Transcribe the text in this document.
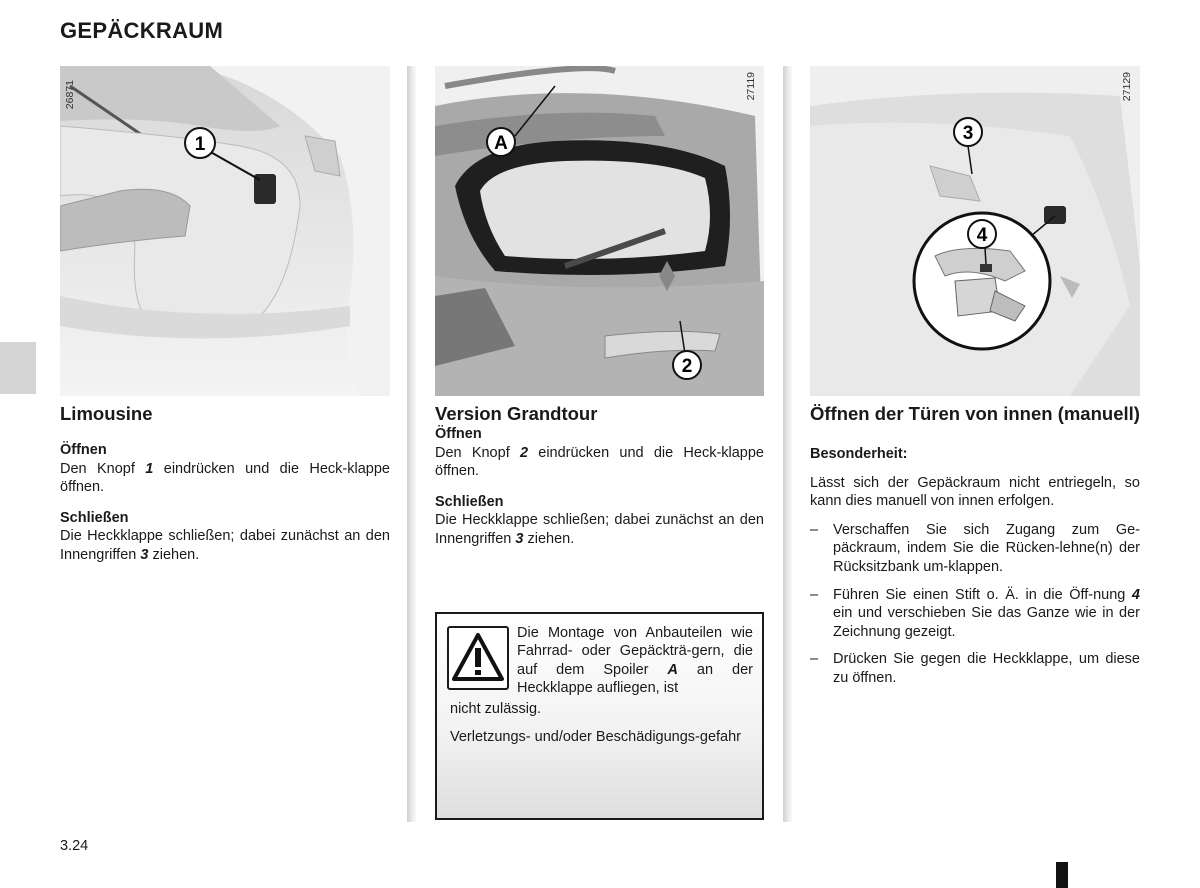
GEPÄCKRAUM
1
26871
A
2
27119
3
4
27129
Limousine
Öffnen
Den Knopf 1 eindrücken und die Heck-klappe öffnen.
Schließen
Die Heckklappe schließen; dabei zunächst an den Innengriffen 3 ziehen.
Version Grandtour
Öffnen
Den Knopf 2 eindrücken und die Heck-klappe öffnen.
Schließen
Die Heckklappe schließen; dabei zunächst an den Innengriffen 3 ziehen.
Die Montage von Anbauteilen wie Fahrrad- oder Gepäckträ-gern, die auf dem Spoiler A an der Heckklappe aufliegen, ist
nicht zulässig.
Verletzungs- und/oder Beschädigungs-gefahr
Öffnen der Türen von innen (manuell)
Besonderheit:
Lässt sich der Gepäckraum nicht entriegeln, so kann dies manuell von innen erfolgen.
– Verschaffen Sie sich Zugang zum Ge-päckraum, indem Sie die Rücken-lehne(n) der Rücksitzbank um-klappen.
– Führen Sie einen Stift o. Ä. in die Öff-nung 4 ein und verschieben Sie das Ganze wie in der Zeichnung gezeigt.
– Drücken Sie gegen die Heckklappe, um diese zu öffnen.
3.24
